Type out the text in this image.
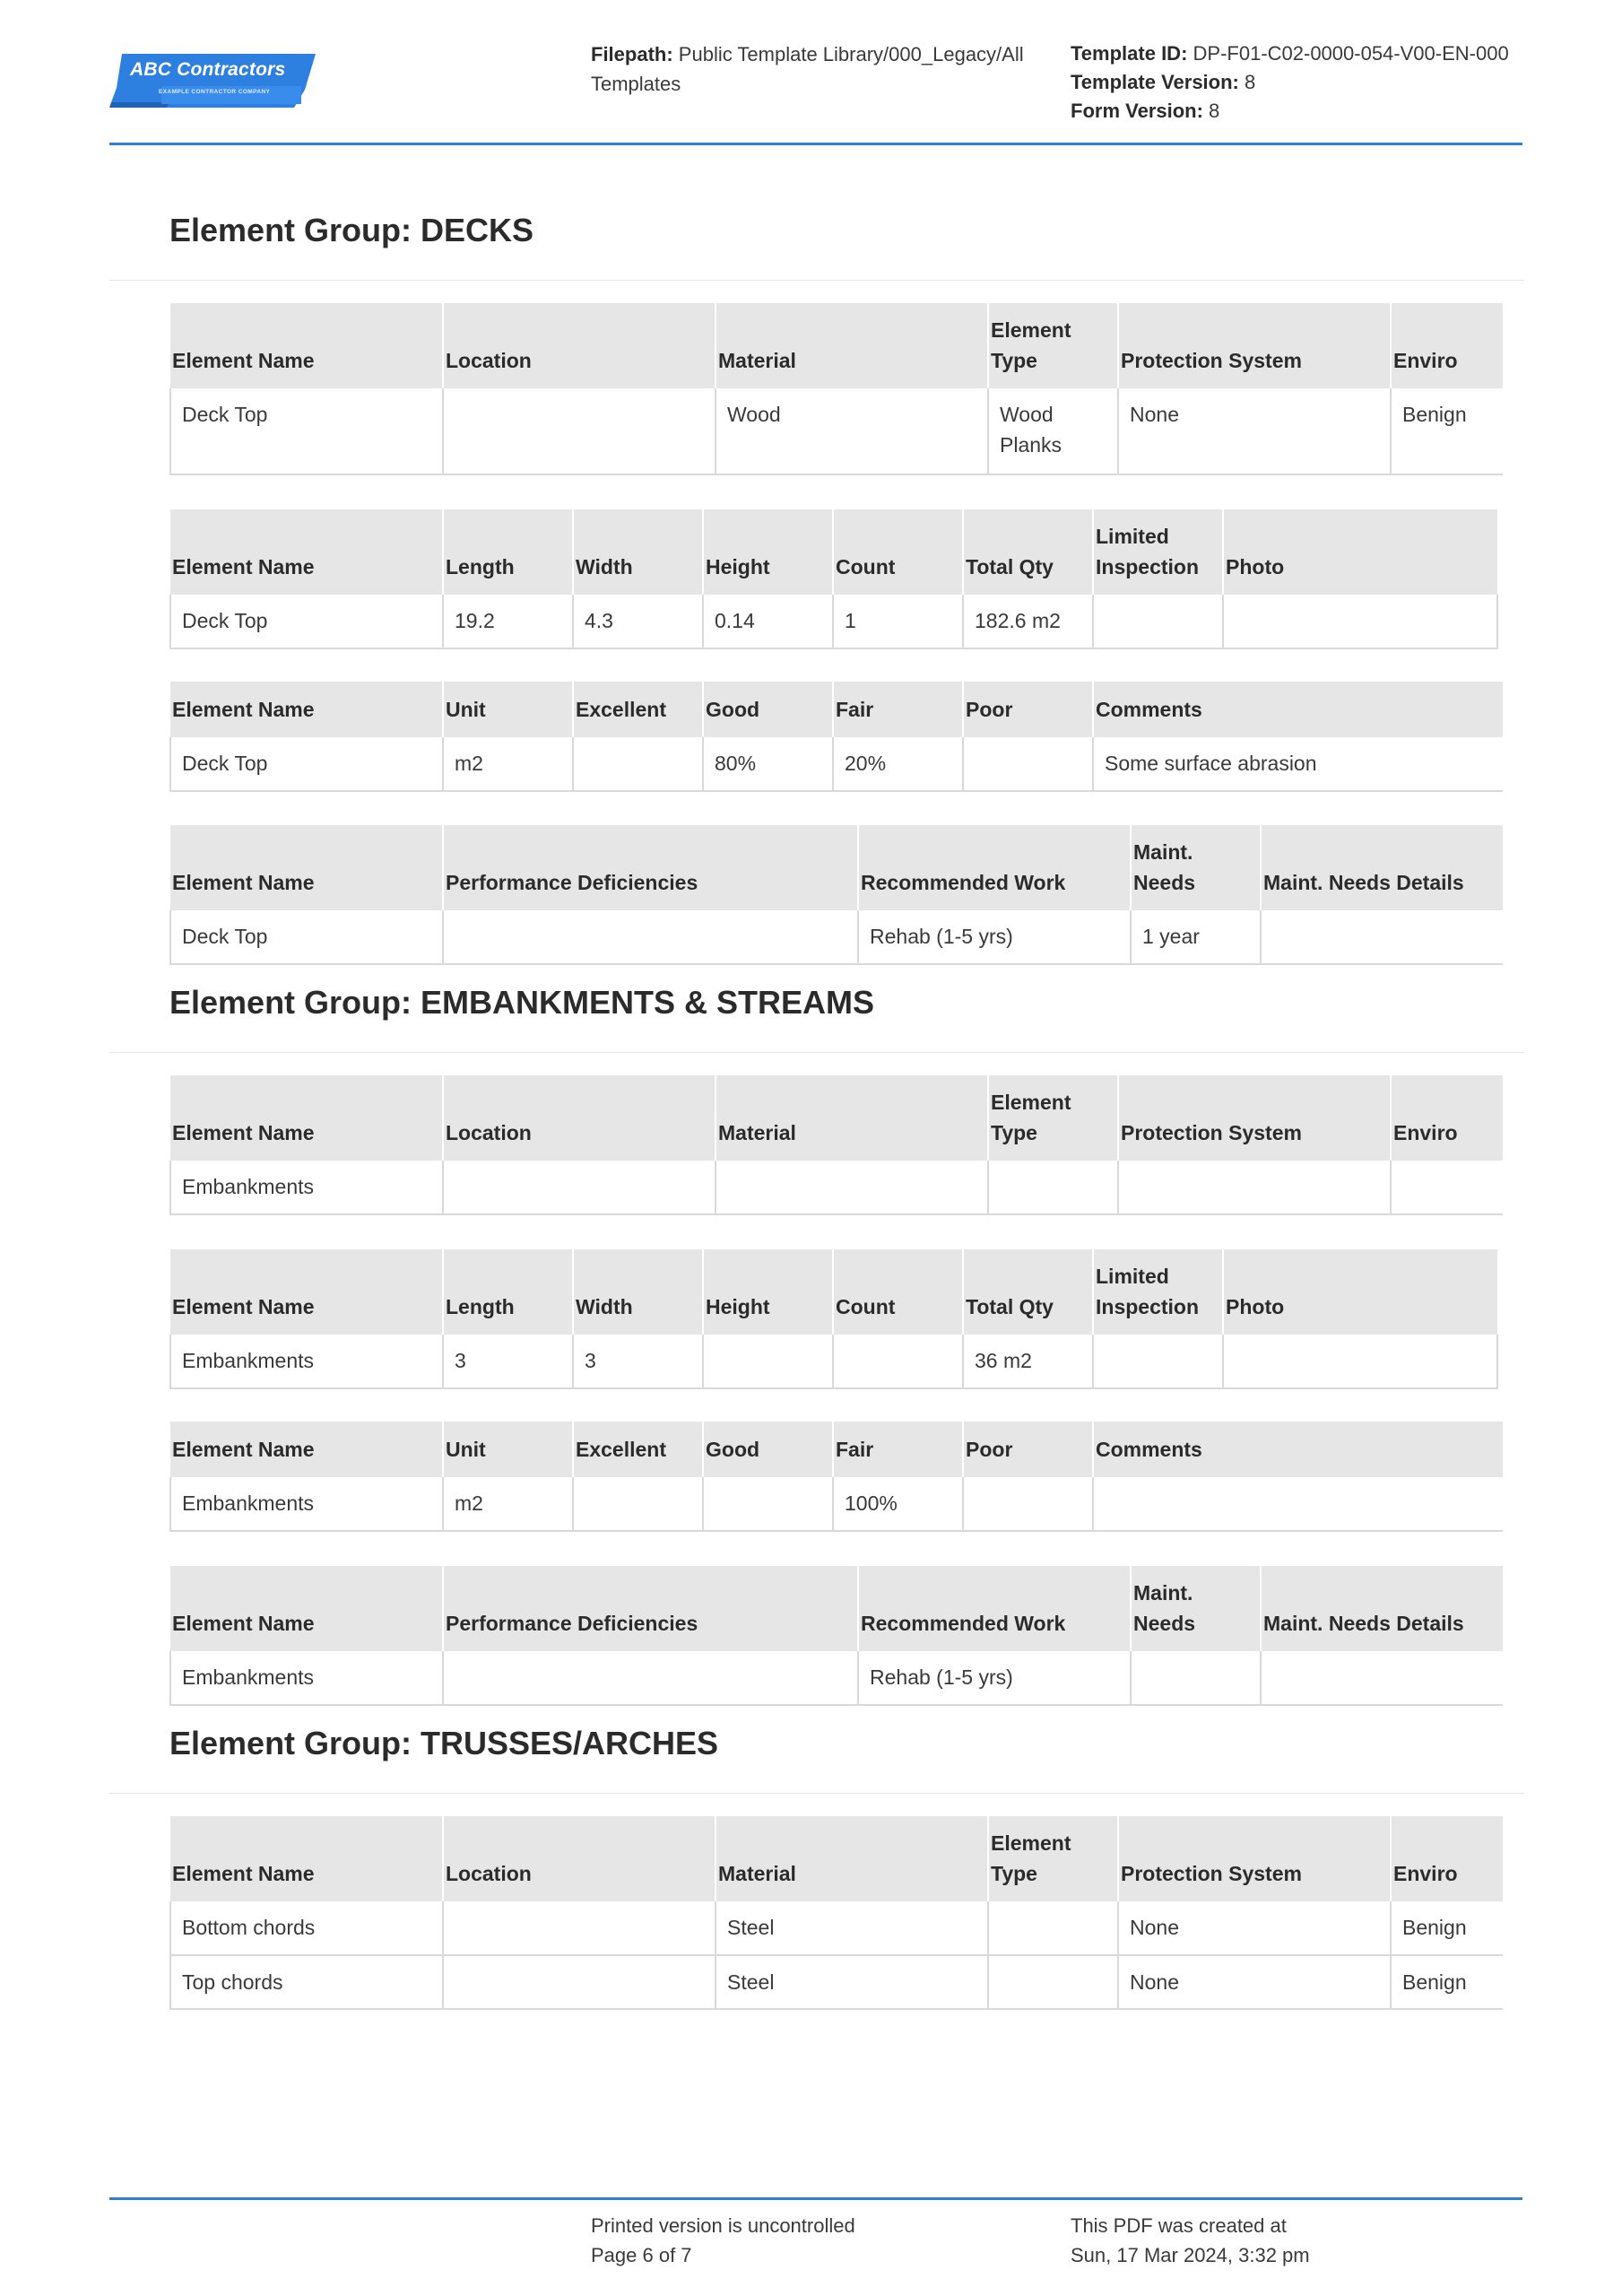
ABC Contractors
EXAMPLE CONTRACTOR COMPANY
Filepath: Public Template Library/000_Legacy/All
Templates
Template ID: DP-F01-C02-0000-054-V00-EN-000
Template Version: 8
Form Version: 8
Element Group: DECKS
Element Name	Location	Material	Element
Type	Protection System	Enviro
Deck Top		Wood	Wood
Planks	None	Benign
Element Name	Length	Width	Height	Count	Total Qty	Limited
Inspection	Photo
Deck Top	19.2	4.3	0.14	1	182.6 m2		
Element Name	Unit	Excellent	Good	Fair	Poor	Comments
Deck Top	m2		80%	20%		Some surface abrasion
Element Name	Performance Deficiencies	Recommended Work	Maint.
Needs	Maint. Needs Details
Deck Top		Rehab (1-5 yrs)	1 year	
Element Group: EMBANKMENTS & STREAMS
Element Name	Location	Material	Element
Type	Protection System	Enviro
Embankments					
Element Name	Length	Width	Height	Count	Total Qty	Limited
Inspection	Photo
Embankments	3	3			36 m2		
Element Name	Unit	Excellent	Good	Fair	Poor	Comments
Embankments	m2			100%		
Element Name	Performance Deficiencies	Recommended Work	Maint.
Needs	Maint. Needs Details
Embankments		Rehab (1-5 yrs)		
Element Group: TRUSSES/ARCHES
Element Name	Location	Material	Element
Type	Protection System	Enviro
Bottom chords		Steel		None	Benign
Top chords		Steel		None	Benign
Printed version is uncontrolled
Page 6 of 7
This PDF was created at
Sun, 17 Mar 2024, 3:32 pm
